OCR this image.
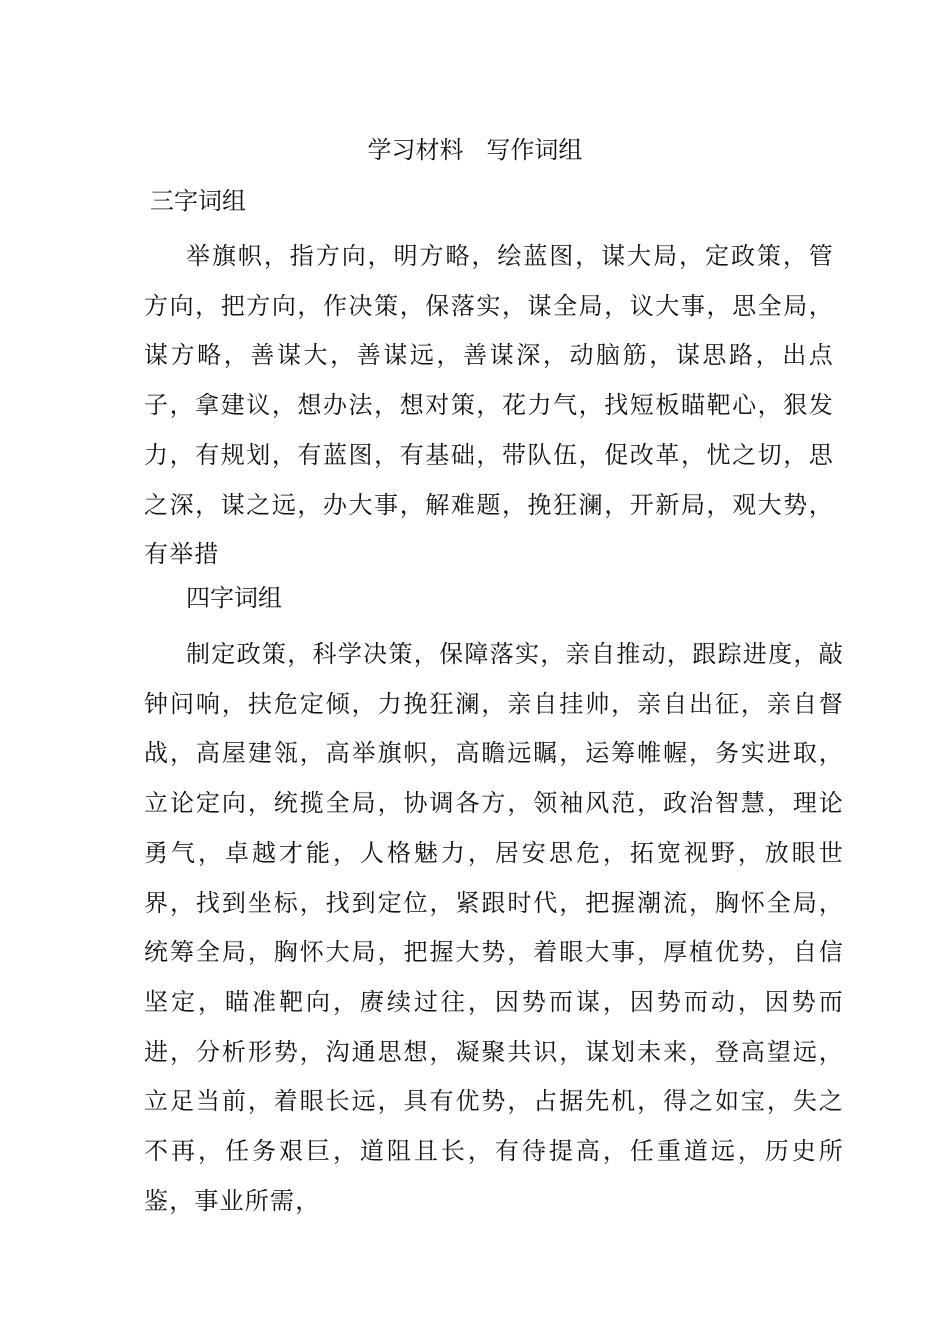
学习材料   写作词组
三字词组

举旗帜，指方向，明方略，绘蓝图，谋大局，定政策，管方向，把方向，作决策，保落实，谋全局，议大事，思全局，谋方略，善谋大，善谋远，善谋深，动脑筋，谋思路，出点子，拿建议，想办法，想对策，花力气，找短板瞄靶心，狠发力，有规划，有蓝图，有基础，带队伍，促改革，忧之切，思之深，谋之远，办大事，解难题，挽狂澜，开新局，观大势，有举措

四字词组

制定政策，科学决策，保障落实，亲自推动，跟踪进度，敲钟问响，扶危定倾，力挽狂澜，亲自挂帅，亲自出征，亲自督战，高屋建瓴，高举旗帜，高瞻远瞩，运筹帷幄，务实进取，立论定向，统揽全局，协调各方，领袖风范，政治智慧，理论勇气，卓越才能，人格魅力，居安思危，拓宽视野，放眼世界，找到坐标，找到定位，紧跟时代，把握潮流，胸怀全局，统筹全局，胸怀大局，把握大势，着眼大事，厚植优势，自信坚定，瞄准靶向，赓续过往，因势而谋，因势而动，因势而进，分析形势，沟通思想，凝聚共识，谋划未来，登高望远，立足当前，着眼长远，具有优势，占据先机，得之如宝，失之不再，任务艰巨，道阻且长，有待提高，任重道远，历史所鉴，事业所需，
